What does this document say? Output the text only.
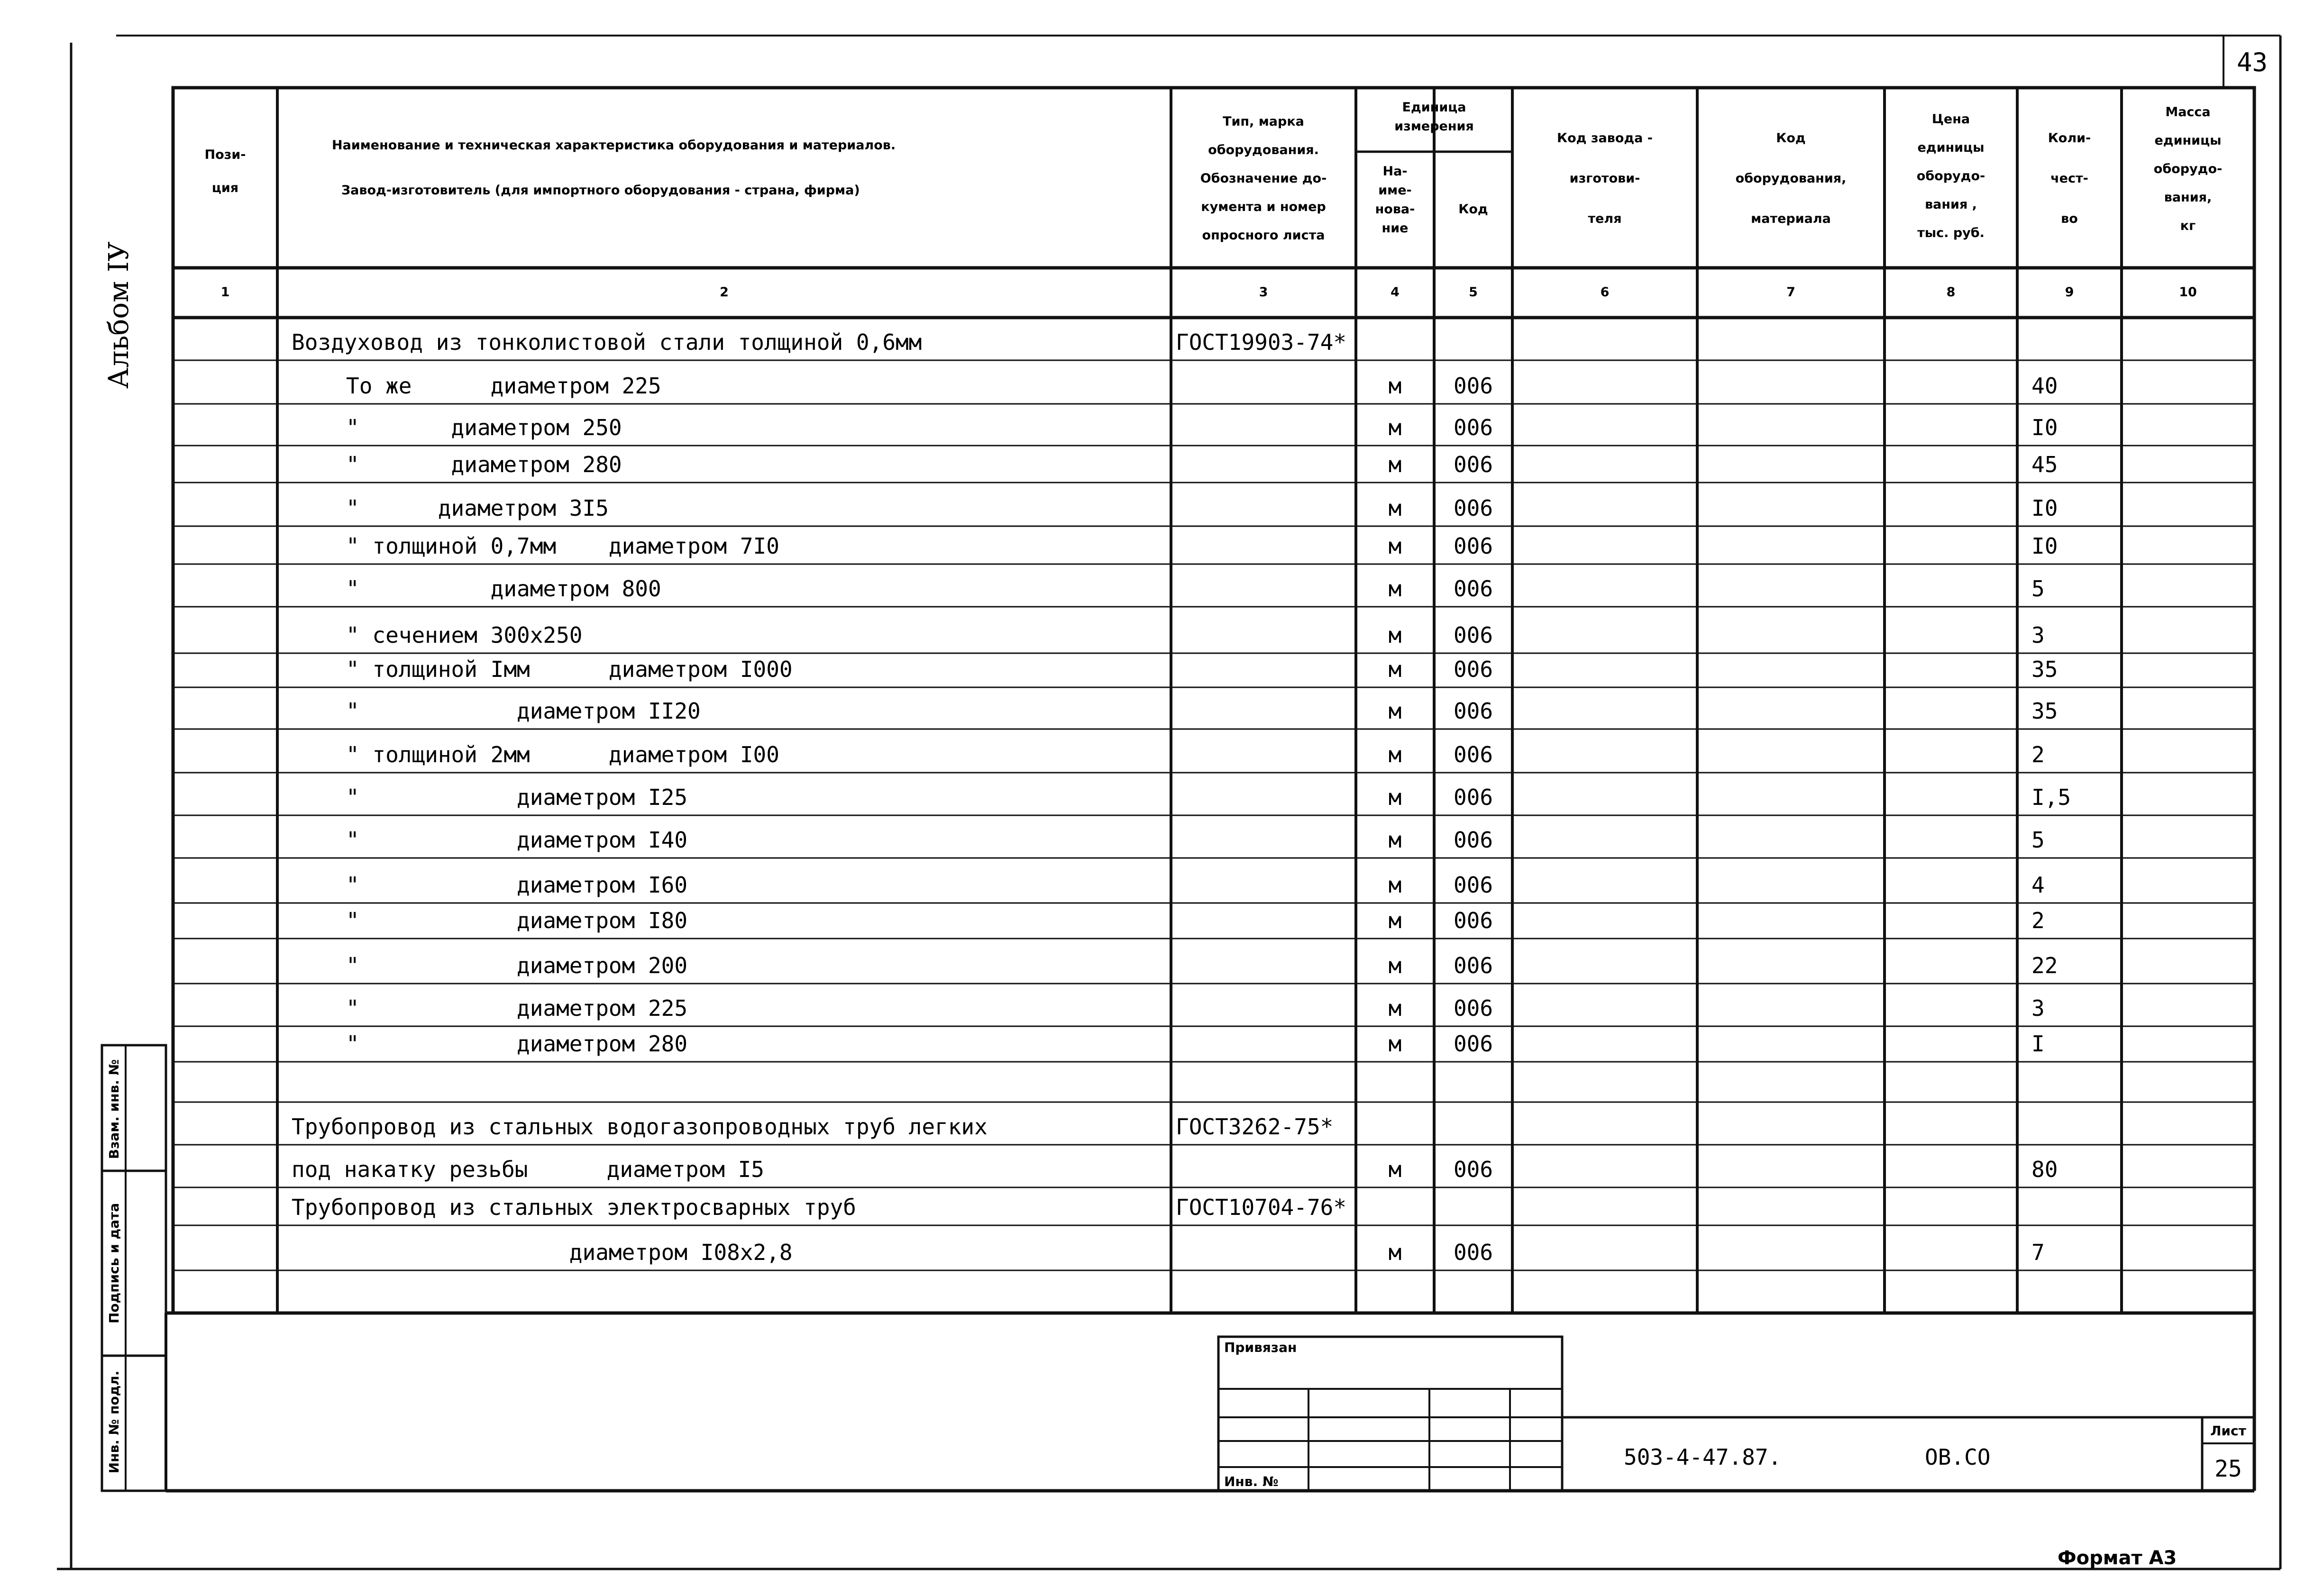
43
Альбом IУ
Формат А3
Пози-
ция
Наименование и техническая характеристика оборудования и материалов.
Завод-изготовитель (для импортного оборудования - страна, фирма)
Тип, марка
оборудования.
Обозначение до-
кумента и номер
опросного листа
Единица
измерения
На-
име-
нова-
ние
Код
Код завода -
изготови-
теля
Код
оборудования,
материала
Цена
единицы
оборудо-
вания ,
тыс. руб.
Коли-
чест-
во
Масса
единицы
оборудо-
вания,
кг
1	2	3	4	5	6	7	8	9	10
Воздуховод из тонколистовой стали толщиной 0,6мм	ГОСТ19903-74*
То же      диаметром 225	м 006	40
"       диаметром 250	м 006	I0
"       диаметром 280	м 006	45
"      диаметром 3I5	м 006	I0
" толщиной 0,7мм    диаметром 7I0	м 006	I0
"          диаметром 800	м 006	5
" сечением 300x250	м 006	3
" толщиной Iмм      диаметром I000	м 006	35
"            диаметром II20	м 006	35
" толщиной 2мм      диаметром I00	м 006	2
"            диаметром I25	м 006	I,5
"            диаметром I40	м 006	5
"            диаметром I60	м 006	4
"            диаметром I80	м 006	2
"            диаметром 200	м 006	22
"            диаметром 225	м 006	3
"            диаметром 280	м 006	I
Трубопровод из стальных водогазопроводных труб легких	ГОСТ3262-75*
под накатку резьбы      диаметром I5	м 006	80
Трубопровод из стальных электросварных труб	ГОСТ10704-76*
диаметром I08x2,8	м 006	7
Привязан
Инв. №
503-4-47.87.	ОВ.СО
Лист
25
Взам. инв. №
Подпись и дата
Инв. № подл.
